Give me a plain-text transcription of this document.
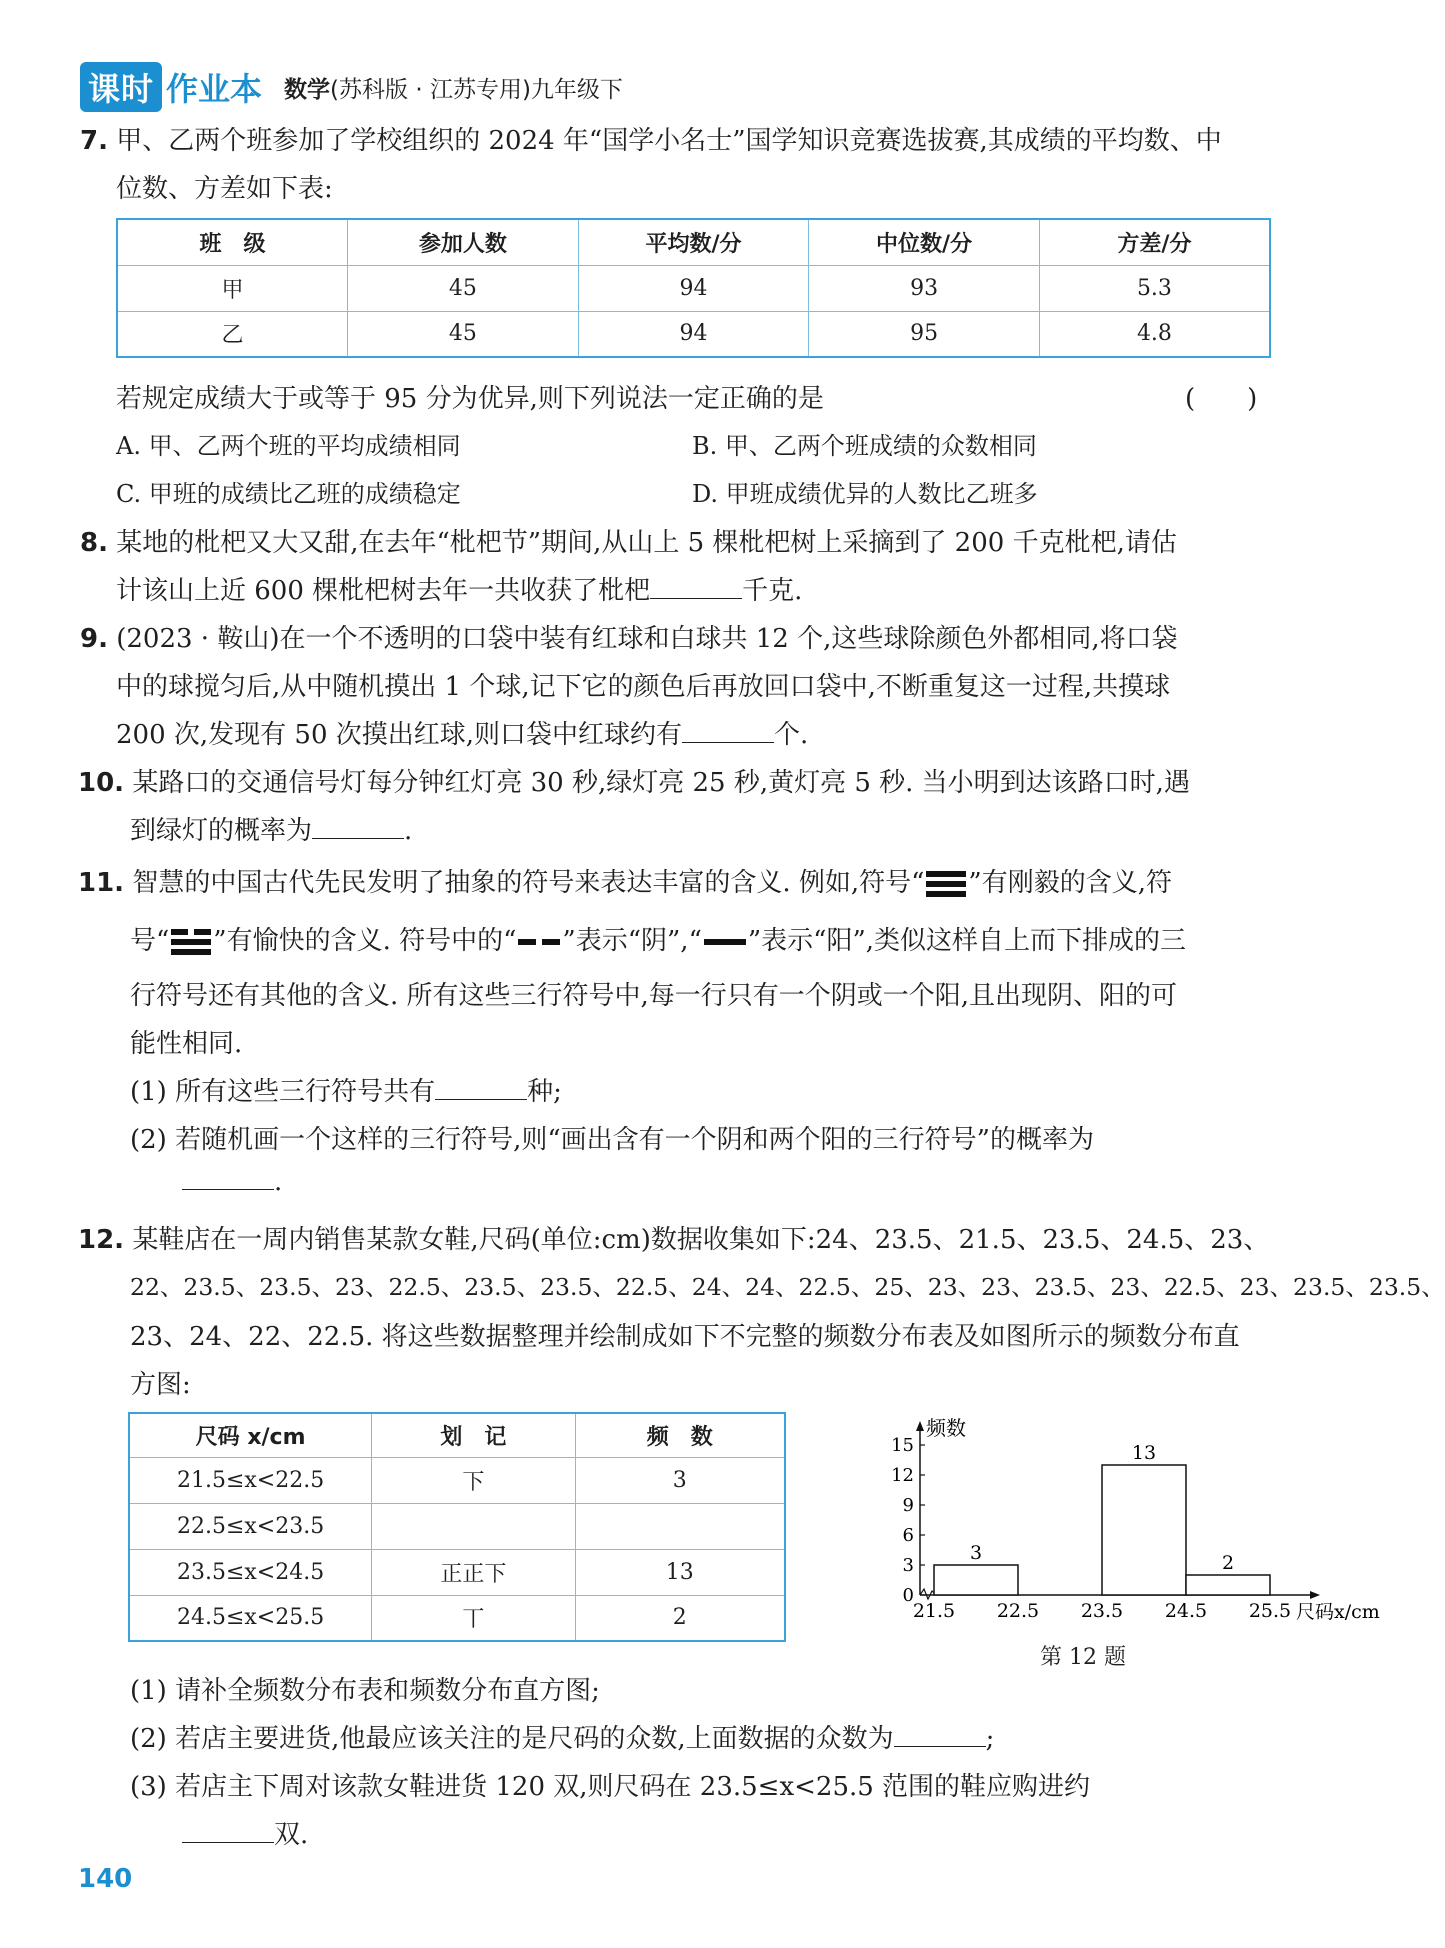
课时 作业本 数学(苏科版 · 江苏专用)九年级下
7. 甲、乙两个班参加了学校组织的 2024 年“国学小名士”国学知识竞赛选拔赛,其成绩的平均数、中
位数、方差如下表:
班　级	参加人数	平均数/分	中位数/分	方差/分
甲	45	94	93	5.3
乙	45	94	95	4.8
若规定成绩大于或等于 95 分为优异,则下列说法一定正确的是	(　　)
A. 甲、乙两个班的平均成绩相同	B. 甲、乙两个班成绩的众数相同
C. 甲班的成绩比乙班的成绩稳定	D. 甲班成绩优异的人数比乙班多
8. 某地的枇杷又大又甜,在去年“枇杷节”期间,从山上 5 棵枇杷树上采摘到了 200 千克枇杷,请估
计该山上近 600 棵枇杷树去年一共收获了枇杷	千克.
9. (2023 · 鞍山)在一个不透明的口袋中装有红球和白球共 12 个,这些球除颜色外都相同,将口袋
中的球搅匀后,从中随机摸出 1 个球,记下它的颜色后再放回口袋中,不断重复这一过程,共摸球
200 次,发现有 50 次摸出红球,则口袋中红球约有	个.
10. 某路口的交通信号灯每分钟红灯亮 30 秒,绿灯亮 25 秒,黄灯亮 5 秒. 当小明到达该路口时,遇
到绿灯的概率为	.
11. 智慧的中国古代先民发明了抽象的符号来表达丰富的含义. 例如,符号“ ”有刚毅的含义,符
号“ ”有愉快的含义. 符号中的“ ”表示“阴”,“ ”表示“阳”,类似这样自上而下排成的三
行符号还有其他的含义. 所有这些三行符号中,每一行只有一个阴或一个阳,且出现阴、阳的可
能性相同.
(1) 所有这些三行符号共有	种;
(2) 若随机画一个这样的三行符号,则“画出含有一个阴和两个阳的三行符号”的概率为
.
12. 某鞋店在一周内销售某款女鞋,尺码(单位:cm)数据收集如下:24、23.5、21.5、23.5、24.5、23、
22、23.5、23.5、23、22.5、23.5、23.5、22.5、24、24、22.5、25、23、23、23.5、23、22.5、23、23.5、23.5、
23、24、22、22.5. 将这些数据整理并绘制成如下不完整的频数分布表及如图所示的频数分布直
方图:
尺码 x/cm	划　记	频　数
21.5≤x<22.5	下	3
22.5≤x<23.5		
23.5≤x<24.5	正正下	13
24.5≤x<25.5	丅	2
频数
0
3
6
9
12
15
3
13
2
21.5 22.5 23.5 24.5 25.5 尺码x/cm
第 12 题
(1) 请补全频数分布表和频数分布直方图;
(2) 若店主要进货,他最应该关注的是尺码的众数,上面数据的众数为	;
(3) 若店主下周对该款女鞋进货 120 双,则尺码在 23.5≤x<25.5 范围的鞋应购进约
双.
140
